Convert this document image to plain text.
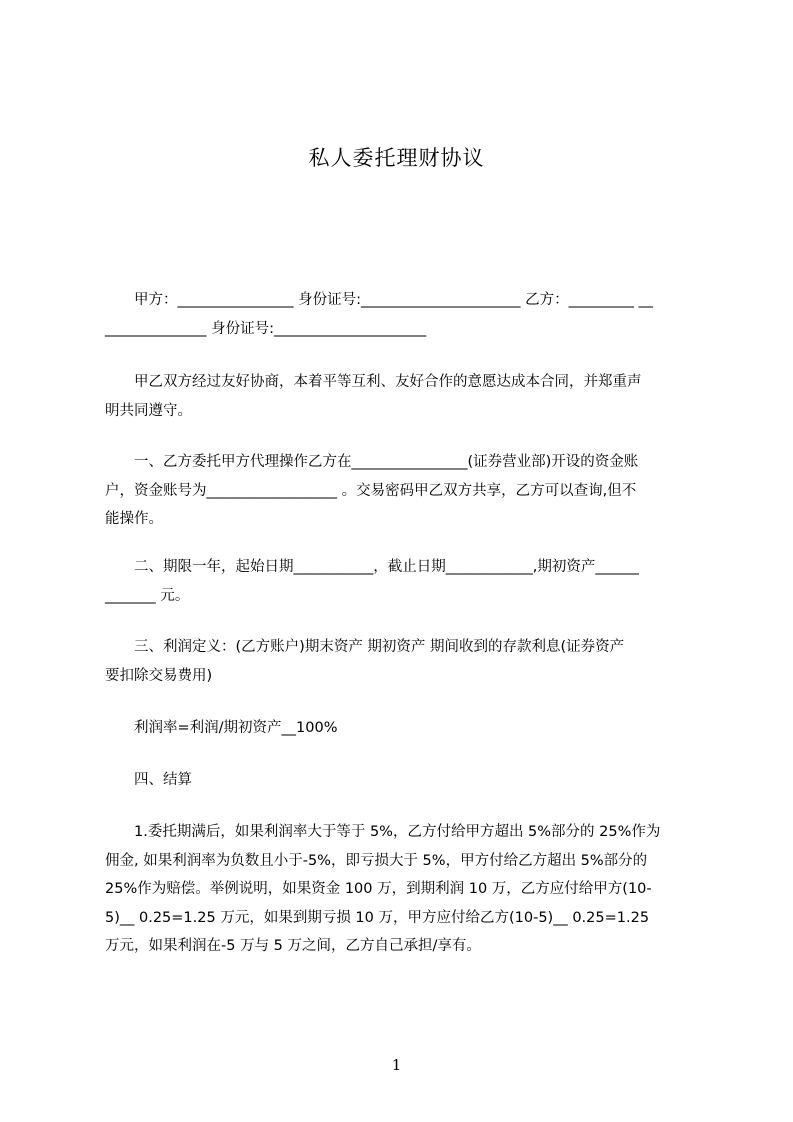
私人委托理财协议
　　甲方：________________ 身份证号:______________________ 乙方：_________ __
______________ 身份证号:_____________________
　　甲乙双方经过友好协商，本着平等互利、友好合作的意愿达成本合同，并郑重声
明共同遵守。
　　一、乙方委托甲方代理操作乙方在________________(证券营业部)开设的资金账
户，资金账号为__________________ 。交易密码甲乙双方共享，乙方可以查询,但不
能操作。
　　二、期限一年，起始日期___________，截止日期____________,期初资产______
_______ 元。
　　三、利润定义：(乙方账户)期末资产 期初资产 期间收到的存款利息(证券资产
要扣除交易费用)
　　利润率=利润/期初资产__100%
　　四、结算
　　1.委托期满后，如果利润率大于等于 5%，乙方付给甲方超出 5%部分的 25%作为
佣金, 如果利润率为负数且小于-5%，即亏损大于 5%，甲方付给乙方超出 5%部分的
25%作为赔偿。举例说明，如果资金 100 万，到期利润 10 万，乙方应付给甲方(10-
5)__ 0.25=1.25 万元，如果到期亏损 10 万，甲方应付给乙方(10-5)__ 0.25=1.25
万元，如果利润在-5 万与 5 万之间，乙方自己承担/享有。
1
